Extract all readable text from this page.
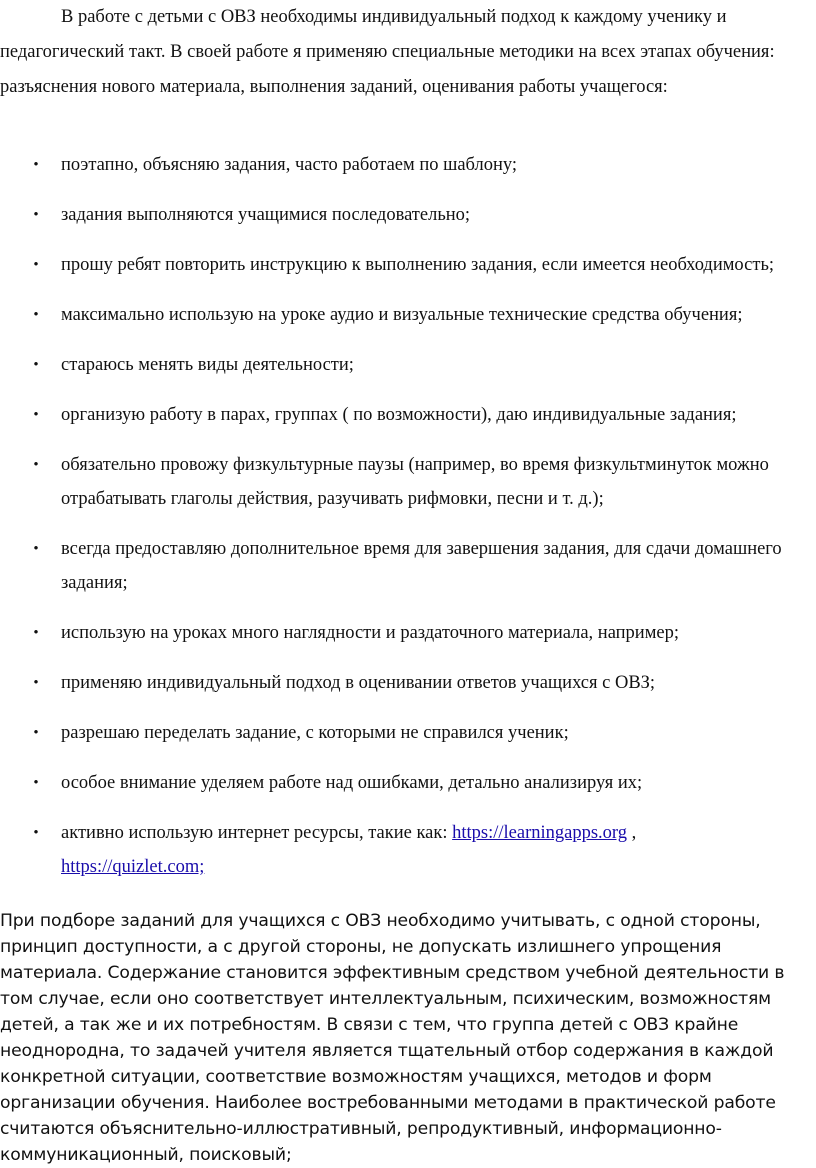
В работе с детьми с ОВЗ необходимы индивидуальный подход к каждому ученику и педагогический такт. В своей работе я применяю специальные методики на всех этапах обучения: разъяснения нового материала, выполнения заданий, оценивания работы учащегося:

• поэтапно, объясняю задания, часто работаем по шаблону;
• задания выполняются учащимися последовательно;
• прошу ребят повторить инструкцию к выполнению задания, если имеется необходимость;
• максимально использую на уроке аудио и визуальные технические средства обучения;
• стараюсь менять виды деятельности;
• организую работу в парах, группах ( по возможности), даю индивидуальные задания;
• обязательно провожу физкультурные паузы (например, во время физкультминуток можно отрабатывать глаголы действия, разучивать рифмовки, песни и т. д.);
• всегда предоставляю дополнительное время для завершения задания, для сдачи домашнего задания;
• использую на уроках много наглядности и раздаточного материала, например;
• применяю индивидуальный подход в оценивании ответов учащихся с ОВЗ;
• разрешаю переделать задание, с которыми не справился ученик;
• особое внимание уделяем работе над ошибками, детально анализируя их;
• активно использую интернет ресурсы, такие как: https://learningapps.org ,
https://quizlet.com;

При подборе заданий для учащихся с ОВЗ необходимо учитывать, с одной стороны, принцип доступности, а с другой стороны, не допускать излишнего упрощения материала. Содержание становится эффективным средством учебной деятельности в том случае, если оно соответствует интеллектуальным, психическим, возможностям детей, а так же и их потребностям. В связи с тем, что группа детей с ОВЗ крайне неоднородна, то задачей учителя является тщательный отбор содержания в каждой конкретной ситуации, соответствие возможностям учащихся, методов и форм организации обучения. Наиболее востребованными методами в практической работе считаются объяснительно-иллюстративный, репродуктивный, информационно-коммуникационный, поисковый;
